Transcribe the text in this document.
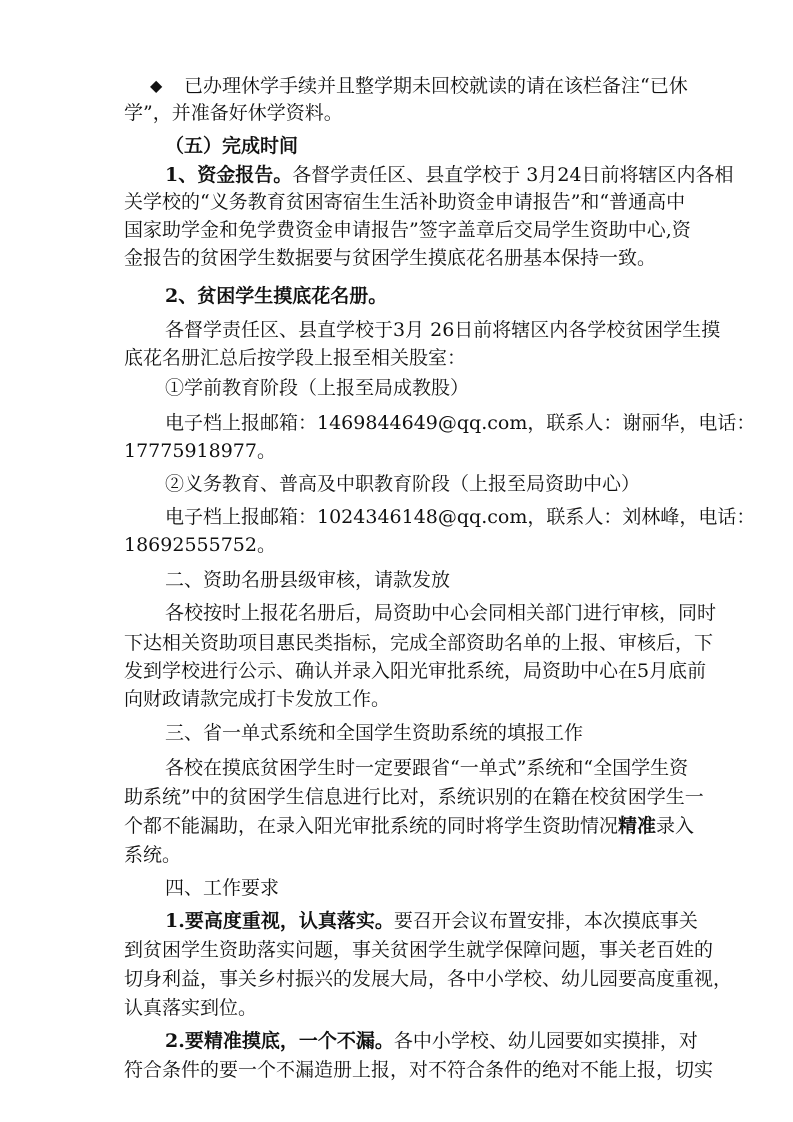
◆ 已办理休学手续并且整学期未回校就读的请在该栏备注“已休
学”，并准备好休学资料。
（五）完成时间
1、资金报告。各督学责任区、县直学校于 3月24日前将辖区内各相
关学校的“义务教育贫困寄宿生生活补助资金申请报告”和“普通高中
国家助学金和免学费资金申请报告”签字盖章后交局学生资助中心,资
金报告的贫困学生数据要与贫困学生摸底花名册基本保持一致。
2、贫困学生摸底花名册。
各督学责任区、县直学校于3月 26日前将辖区内各学校贫困学生摸
底花名册汇总后按学段上报至相关股室：
①学前教育阶段（上报至局成教股）
电子档上报邮箱：1469844649@qq.com，联系人：谢丽华，电话：
17775918977。
②义务教育、普高及中职教育阶段（上报至局资助中心）
电子档上报邮箱：1024346148@qq.com，联系人：刘林峰，电话：
18692555752。
二、资助名册县级审核，请款发放
各校按时上报花名册后，局资助中心会同相关部门进行审核，同时
下达相关资助项目惠民类指标，完成全部资助名单的上报、审核后，下
发到学校进行公示、确认并录入阳光审批系统，局资助中心在5月底前
向财政请款完成打卡发放工作。
三、省一单式系统和全国学生资助系统的填报工作
各校在摸底贫困学生时一定要跟省“一单式”系统和“全国学生资
助系统”中的贫困学生信息进行比对，系统识别的在籍在校贫困学生一
个都不能漏助，在录入阳光审批系统的同时将学生资助情况精准录入
系统。
四、工作要求
1.要高度重视，认真落实。要召开会议布置安排，本次摸底事关
到贫困学生资助落实问题，事关贫困学生就学保障问题，事关老百姓的
切身利益，事关乡村振兴的发展大局，各中小学校、幼儿园要高度重视，
认真落实到位。
2.要精准摸底，一个不漏。各中小学校、幼儿园要如实摸排，对
符合条件的要一个不漏造册上报，对不符合条件的绝对不能上报，切实
